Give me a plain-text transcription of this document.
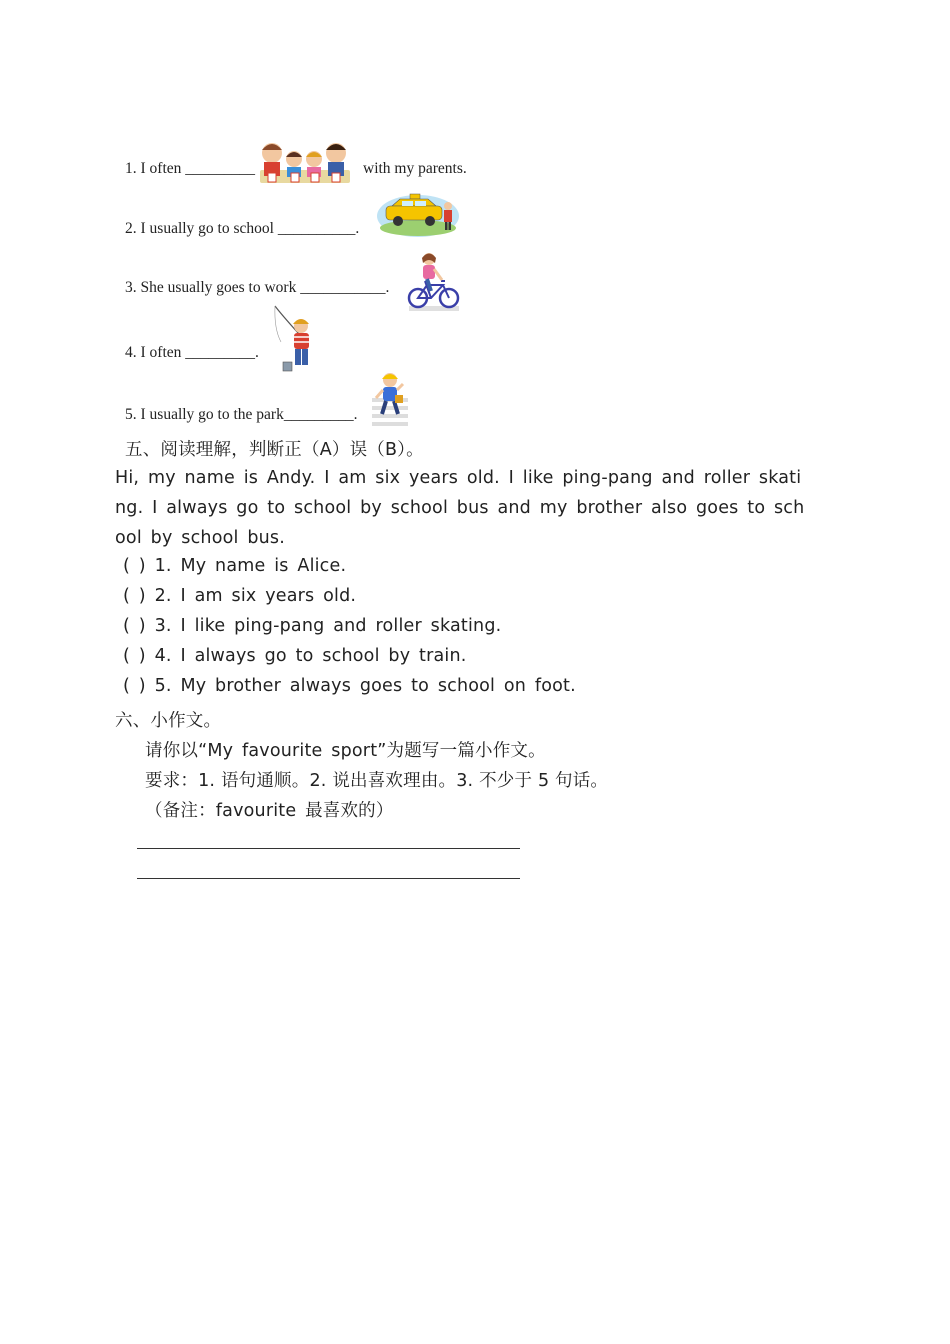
1. I often _________	with my parents.
2. I usually go to school __________.
3. She usually goes to work ___________.
4. I often _________.
5. I usually go to the park_________.
五、阅读理解，判断正（A）误（B）。
Hi, my name is Andy. I am six years old. I like ping-pang and roller skati
ng. I always go to school by school bus and my brother also goes to sch
ool by school bus.
( ) 1. My name is Alice.
( ) 2. I am six years old.
( ) 3. I like ping-pang and roller skating.
( ) 4. I always go to school by train.
( ) 5. My brother always goes to school on foot.
六、小作文。
请你以“My favourite sport”为题写一篇小作文。
要求：1. 语句通顺。2. 说出喜欢理由。3. 不少于 5 句话。
（备注：favourite 最喜欢的）
